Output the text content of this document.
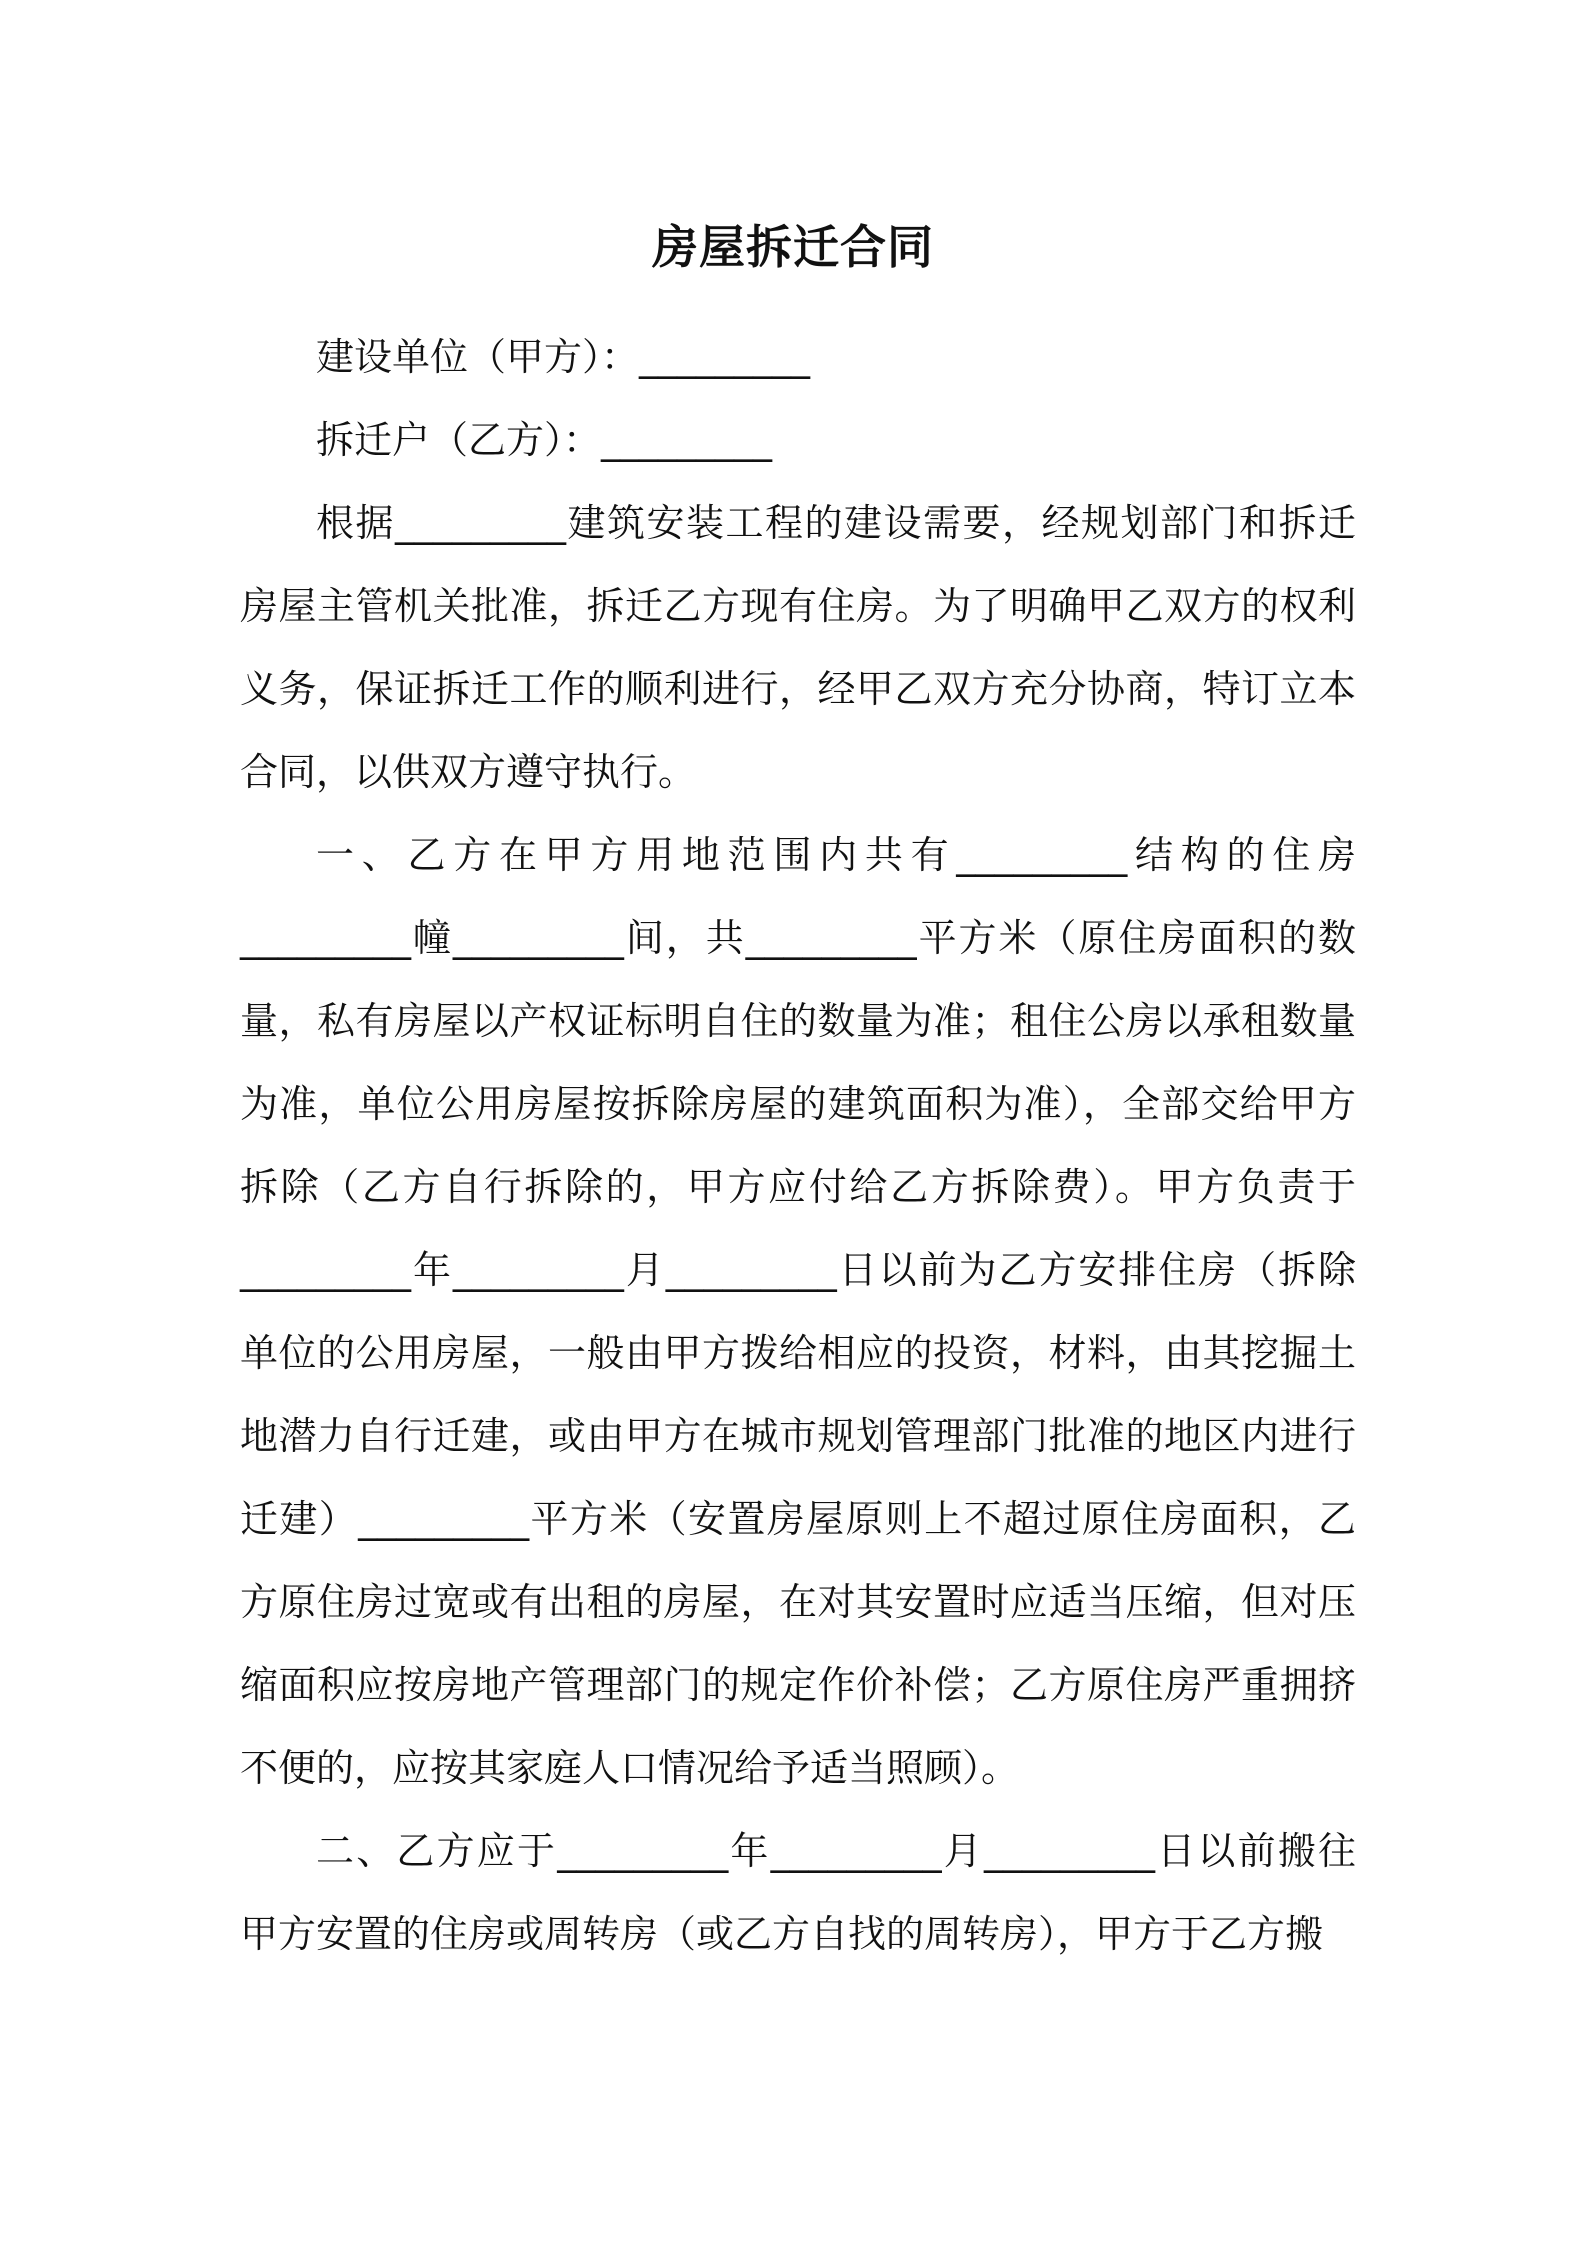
房屋拆迁合同

建设单位（甲方）：_________

拆迁户（乙方）：_________

根据_________建筑安装工程的建设需要，经规划部门和拆迁房屋主管机关批准，拆迁乙方现有住房。为了明确甲乙双方的权利义务，保证拆迁工作的顺利进行，经甲乙双方充分协商，特订立本合同，以供双方遵守执行。

一、乙方在甲方用地范围内共有_________结构的住房_________幢_________间，共_________平方米（原住房面积的数量，私有房屋以产权证标明自住的数量为准；租住公房以承租数量为准，单位公用房屋按拆除房屋的建筑面积为准），全部交给甲方拆除（乙方自行拆除的，甲方应付给乙方拆除费）。甲方负责于_________年_________月_________日以前为乙方安排住房（拆除单位的公用房屋，一般由甲方拨给相应的投资，材料，由其挖掘土地潜力自行迁建，或由甲方在城市规划管理部门批准的地区内进行迁建）_________平方米（安置房屋原则上不超过原住房面积，乙方原住房过宽或有出租的房屋，在对其安置时应适当压缩，但对压缩面积应按房地产管理部门的规定作价补偿；乙方原住房严重拥挤不便的，应按其家庭人口情况给予适当照顾）。

二、乙方应于_________年_________月_________日以前搬往甲方安置的住房或周转房（或乙方自找的周转房），甲方于乙方搬
